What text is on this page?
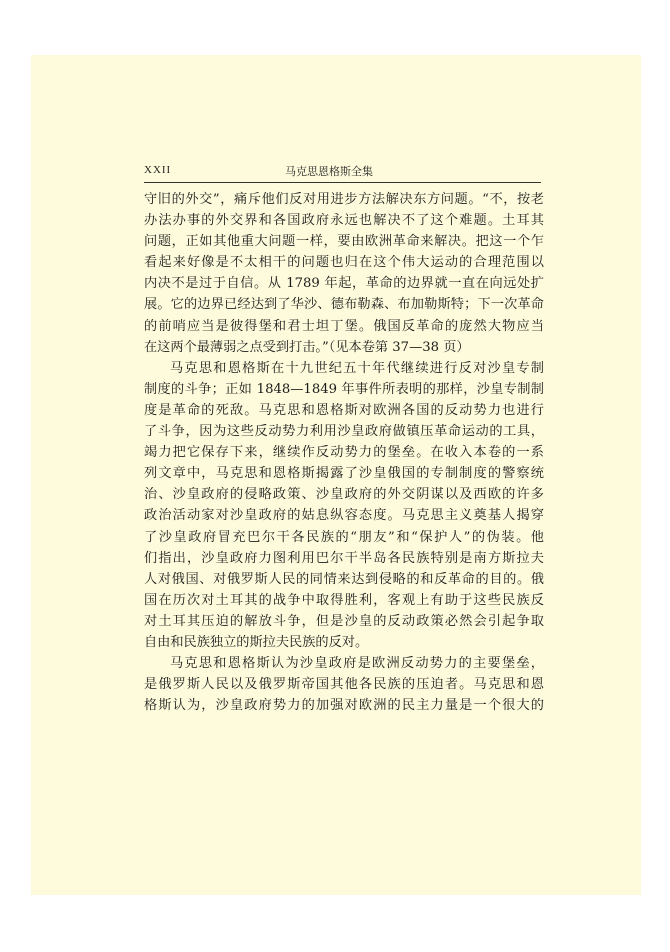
XXII	马克思恩格斯全集
守旧的外交”，痛斥他们反对用进步方法解决东方问题。“不，按老
办法办事的外交界和各国政府永远也解决不了这个难题。土耳其
问题，正如其他重大问题一样，要由欧洲革命来解决。把这一个乍
看起来好像是不太相干的问题也归在这个伟大运动的合理范围以
内决不是过于自信。从 1789 年起，革命的边界就一直在向远处扩
展。它的边界已经达到了华沙、德布勒森、布加勒斯特；下一次革命
的前哨应当是彼得堡和君士坦丁堡。俄国反革命的庞然大物应当
在这两个最薄弱之点受到打击。”（见本卷第 37—38 页）
马克思和恩格斯在十九世纪五十年代继续进行反对沙皇专制
制度的斗争；正如 1848—1849 年事件所表明的那样，沙皇专制制
度是革命的死敌。马克思和恩格斯对欧洲各国的反动势力也进行
了斗争，因为这些反动势力利用沙皇政府做镇压革命运动的工具，
竭力把它保存下来，继续作反动势力的堡垒。在收入本卷的一系
列文章中，马克思和恩格斯揭露了沙皇俄国的专制制度的警察统
治、沙皇政府的侵略政策、沙皇政府的外交阴谋以及西欧的许多
政治活动家对沙皇政府的姑息纵容态度。马克思主义奠基人揭穿
了沙皇政府冒充巴尔干各民族的“朋友”和“保护人”的伪装。他
们指出，沙皇政府力图利用巴尔干半岛各民族特别是南方斯拉夫
人对俄国、对俄罗斯人民的同情来达到侵略的和反革命的目的。俄
国在历次对土耳其的战争中取得胜利，客观上有助于这些民族反
对土耳其压迫的解放斗争，但是沙皇的反动政策必然会引起争取
自由和民族独立的斯拉夫民族的反对。
马克思和恩格斯认为沙皇政府是欧洲反动势力的主要堡垒，
是俄罗斯人民以及俄罗斯帝国其他各民族的压迫者。马克思和恩
格斯认为，沙皇政府势力的加强对欧洲的民主力量是一个很大的
